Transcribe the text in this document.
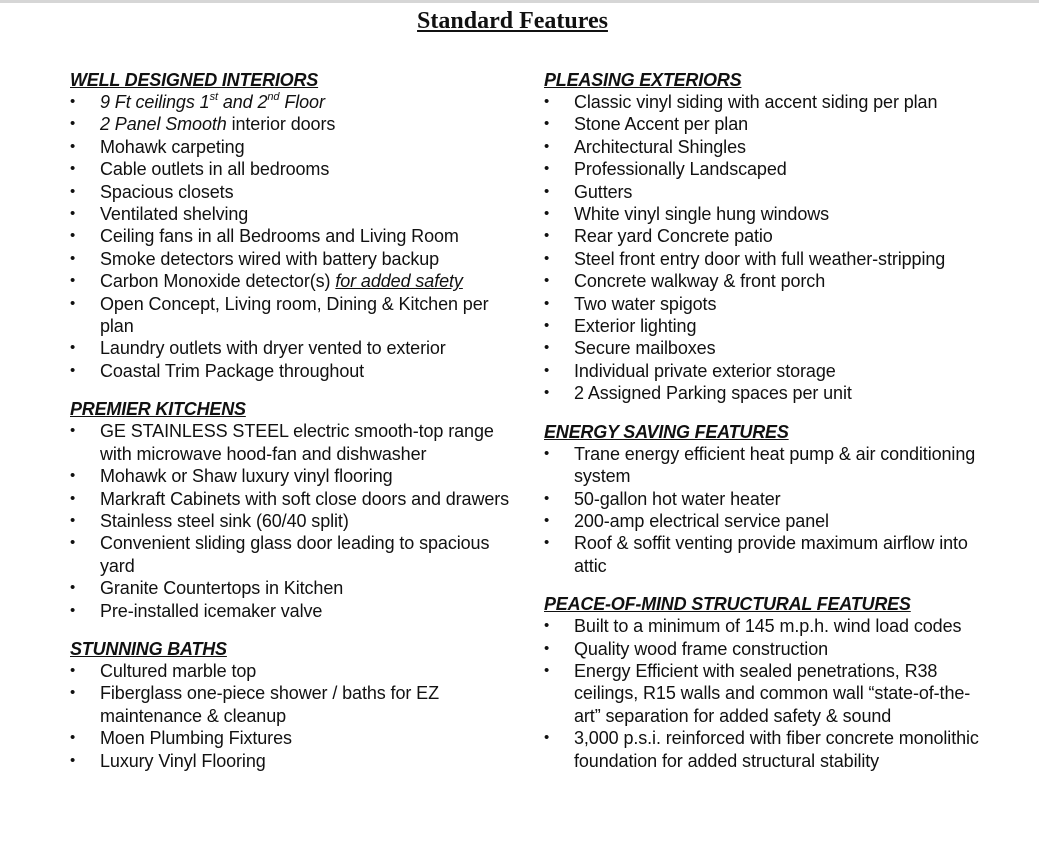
Standard Features
WELL DESIGNED INTERIORS
• 9 Ft ceilings 1st and 2nd Floor
• 2 Panel Smooth interior doors
• Mohawk carpeting
• Cable outlets in all bedrooms
• Spacious closets
• Ventilated shelving
• Ceiling fans in all Bedrooms and Living Room
• Smoke detectors wired with battery backup
• Carbon Monoxide detector(s) for added safety
• Open Concept, Living room, Dining & Kitchen per plan
• Laundry outlets with dryer vented to exterior
• Coastal Trim Package throughout
PREMIER KITCHENS
• GE STAINLESS STEEL electric smooth-top range with microwave hood-fan and dishwasher
• Mohawk or Shaw luxury vinyl flooring
• Markraft Cabinets with soft close doors and drawers
• Stainless steel sink (60/40 split)
• Convenient sliding glass door leading to spacious yard
• Granite Countertops in Kitchen
• Pre-installed icemaker valve
STUNNING BATHS
• Cultured marble top
• Fiberglass one-piece shower / baths for EZ maintenance & cleanup
• Moen Plumbing Fixtures
• Luxury Vinyl Flooring
PLEASING EXTERIORS
• Classic vinyl siding with accent siding per plan
• Stone Accent per plan
• Architectural Shingles
• Professionally Landscaped
• Gutters
• White vinyl single hung windows
• Rear yard Concrete patio
• Steel front entry door with full weather-stripping
• Concrete walkway & front porch
• Two water spigots
• Exterior lighting
• Secure mailboxes
• Individual private exterior storage
• 2 Assigned Parking spaces per unit
ENERGY SAVING FEATURES
• Trane energy efficient heat pump & air conditioning system
• 50-gallon hot water heater
• 200-amp electrical service panel
• Roof & soffit venting provide maximum airflow into attic
PEACE-OF-MIND STRUCTURAL FEATURES
• Built to a minimum of 145 m.p.h. wind load codes
• Quality wood frame construction
• Energy Efficient with sealed penetrations, R38 ceilings, R15 walls and common wall “state-of-the-art” separation for added safety & sound
• 3,000 p.s.i. reinforced with fiber concrete monolithic foundation for added structural stability
